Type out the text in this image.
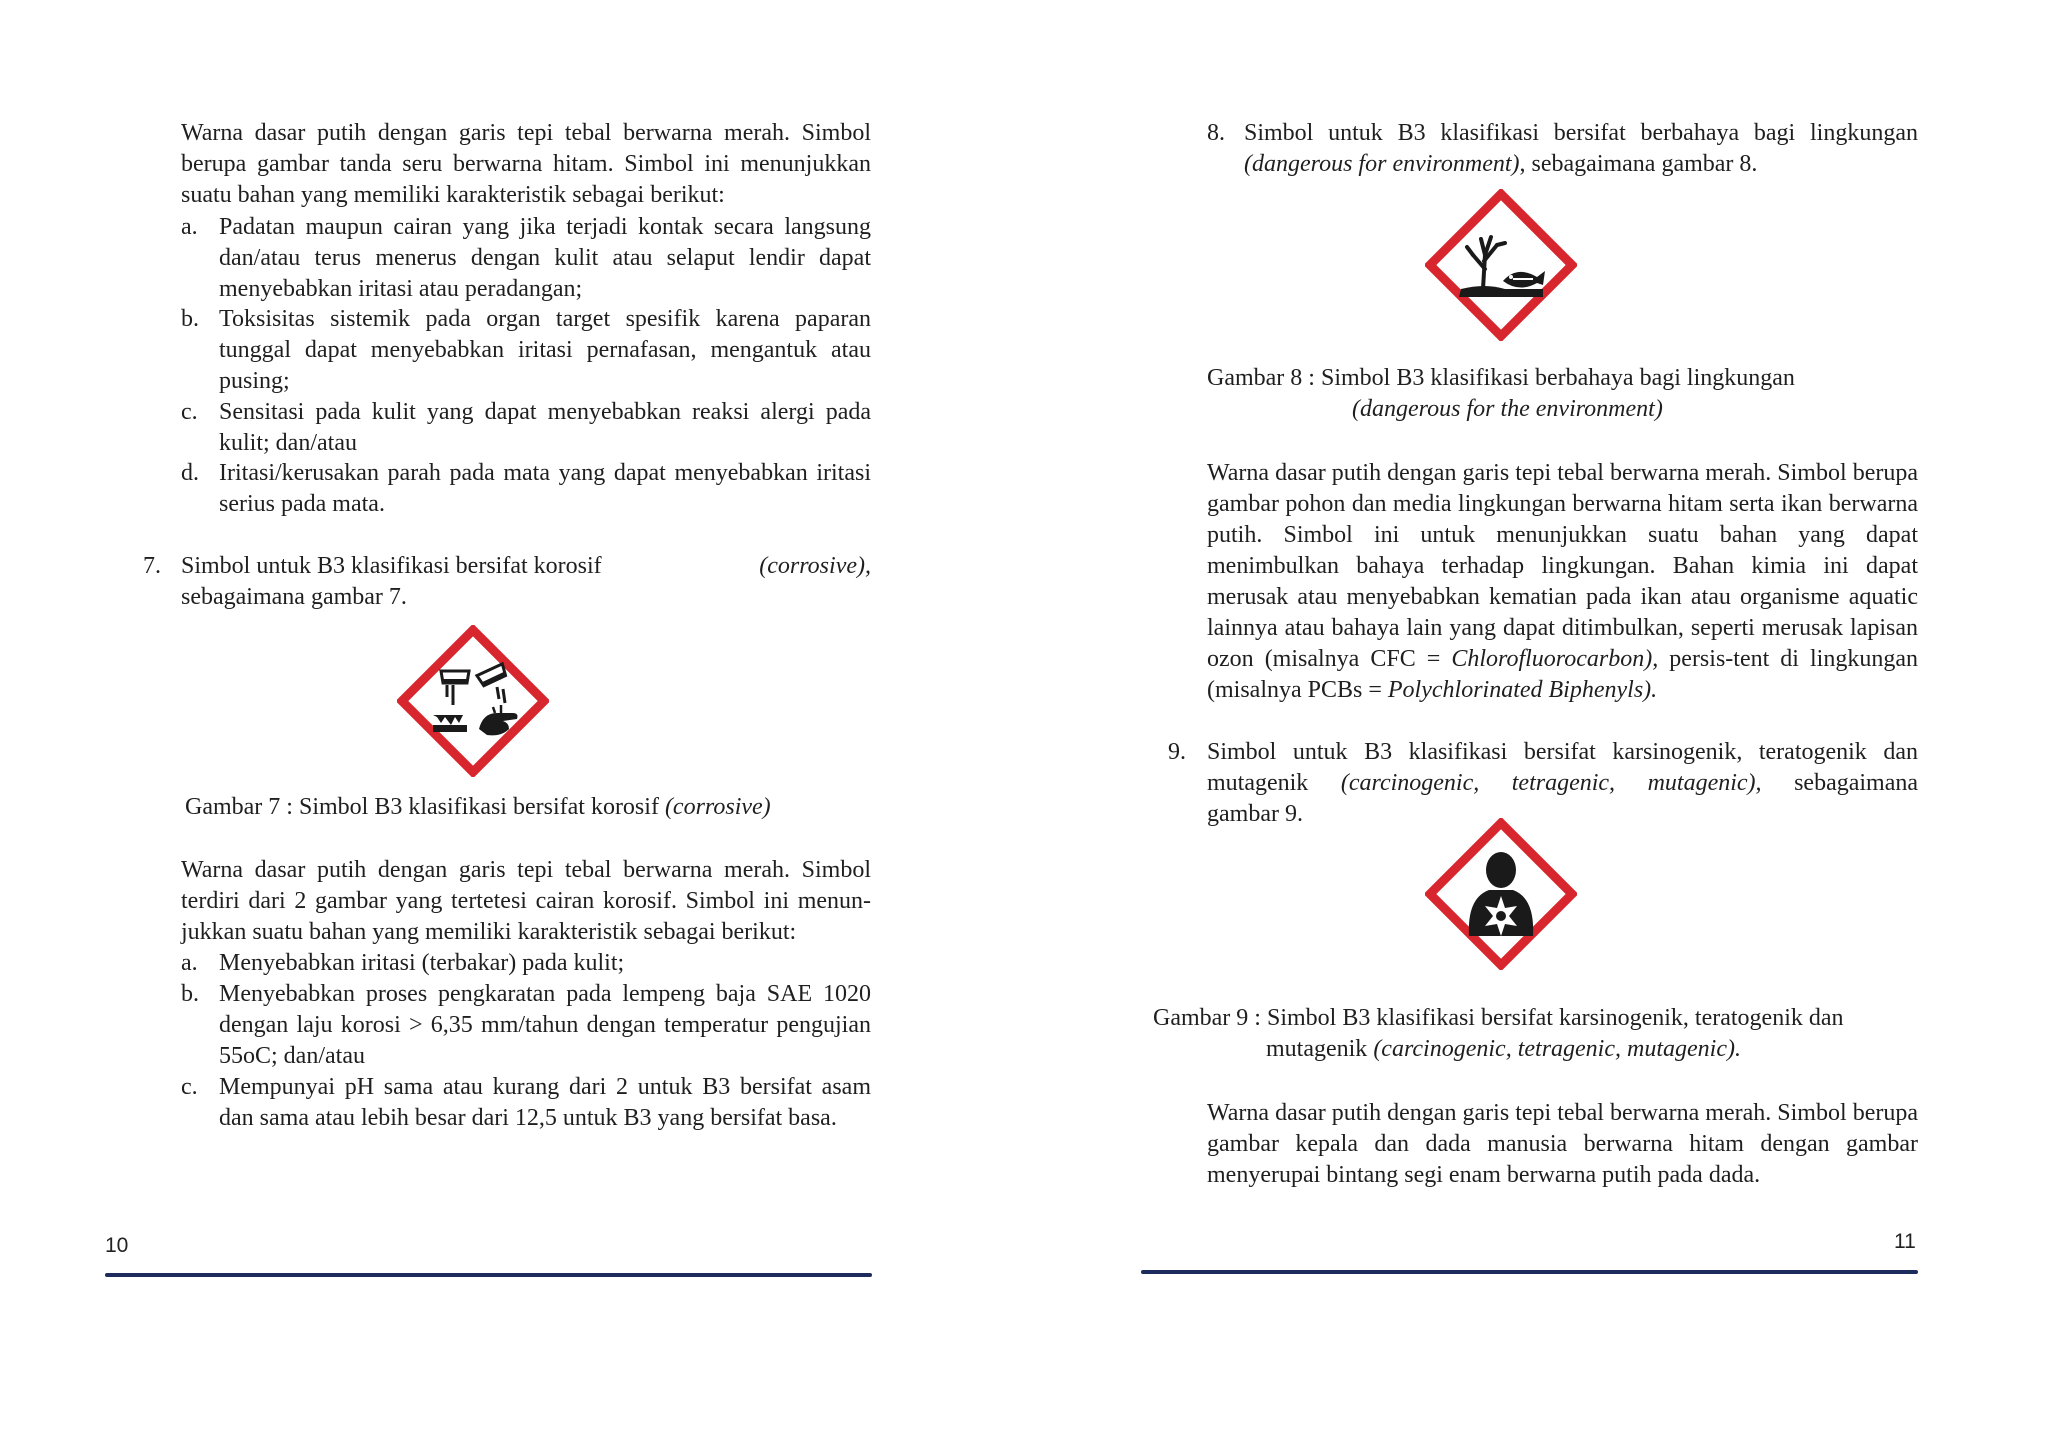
Warna dasar putih dengan garis tepi tebal berwarna merah. Simbol berupa gambar tanda seru berwarna hitam. Simbol ini menunjukkan suatu bahan yang memiliki karakteristik sebagai berikut:
a. Padatan maupun cairan yang jika terjadi kontak secara langsung dan/atau terus menerus dengan kulit atau selaput lendir dapat menyebabkan iritasi atau peradangan;
b. Toksisitas sistemik pada organ target spesifik karena paparan tunggal dapat menyebabkan iritasi pernafasan, mengantuk atau pusing;
c. Sensitasi pada kulit yang dapat menyebabkan reaksi alergi pada kulit; dan/atau
d. Iritasi/kerusakan parah pada mata yang dapat menyebabkan iritasi serius pada mata.
7. Simbol untuk B3 klasifikasi bersifat korosif	(corrosive),
sebagaimana gambar 7.
Gambar 7 : Simbol B3 klasifikasi bersifat korosif (corrosive)
Warna dasar putih dengan garis tepi tebal berwarna merah. Simbol terdiri dari 2 gambar yang tertetesi cairan korosif. Simbol ini menun-jukkan suatu bahan yang memiliki karakteristik sebagai berikut:
a. Menyebabkan iritasi (terbakar) pada kulit;
b. Menyebabkan proses pengkaratan pada lempeng baja SAE 1020 dengan laju korosi > 6,35 mm/tahun dengan temperatur pengujian 55oC; dan/atau
c. Mempunyai pH sama atau kurang dari 2 untuk B3 bersifat asam dan sama atau lebih besar dari 12,5 untuk B3 yang bersifat basa.
10
8. Simbol untuk B3 klasifikasi bersifat berbahaya bagi lingkungan
(dangerous for environment), sebagaimana gambar 8.
Gambar 8 : Simbol B3 klasifikasi berbahaya bagi lingkungan
(dangerous for the environment)
Warna dasar putih dengan garis tepi tebal berwarna merah. Simbol berupa gambar pohon dan media lingkungan berwarna hitam serta ikan berwarna putih. Simbol ini untuk menunjukkan suatu bahan yang dapat menimbulkan bahaya terhadap lingkungan. Bahan kimia ini dapat merusak atau menyebabkan kematian pada ikan atau organisme aquatic lainnya atau bahaya lain yang dapat ditimbulkan, seperti merusak lapisan ozon (misalnya CFC = Chlorofluorocarbon), persis-tent di lingkungan (misalnya PCBs = Polychlorinated Biphenyls).
9. Simbol untuk B3 klasifikasi bersifat karsinogenik, teratogenik dan
mutagenik (carcinogenic, tetragenic, mutagenic), sebagaimana
gambar 9.
Gambar 9 : Simbol B3 klasifikasi bersifat karsinogenik, teratogenik dan
mutagenik (carcinogenic, tetragenic, mutagenic).
Warna dasar putih dengan garis tepi tebal berwarna merah. Simbol berupa gambar kepala dan dada manusia berwarna hitam dengan gambar menyerupai bintang segi enam berwarna putih pada dada.
11
